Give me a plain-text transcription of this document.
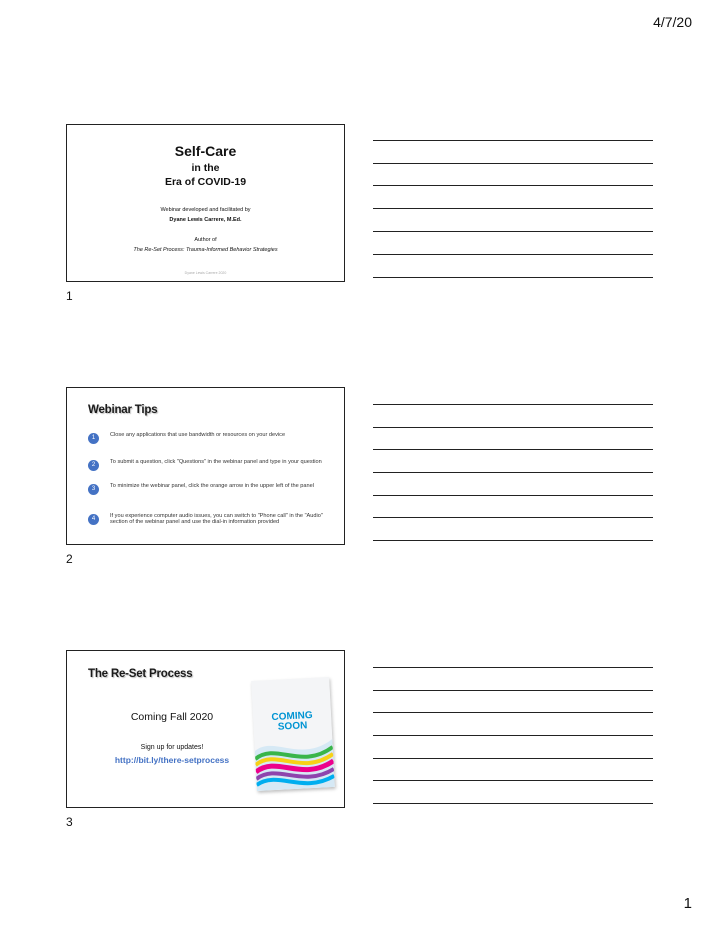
4/7/20
Self-Care
in the
Era of COVID-19
Webinar developed and facilitated by
Dyane Lewis Carrere, M.Ed.
Author of
The Re-Set Process: Trauma-Informed Behavior Strategies
Dyane Lewis Carrere 2020
1
Webinar Tips
1	Close any applications that use bandwidth or resources on your device
2	To submit a question, click "Questions" in the webinar panel and type in your question
3	To minimize the webinar panel, click the orange arrow in the upper left of the panel
4	If you experience computer audio issues, you can switch to "Phone call" in the "Audio" section of the webinar panel and use the dial-in information provided
2
The Re-Set Process
Coming Fall 2020
Sign up for updates!
http://bit.ly/there-setprocess
COMING
SOON
3
1
